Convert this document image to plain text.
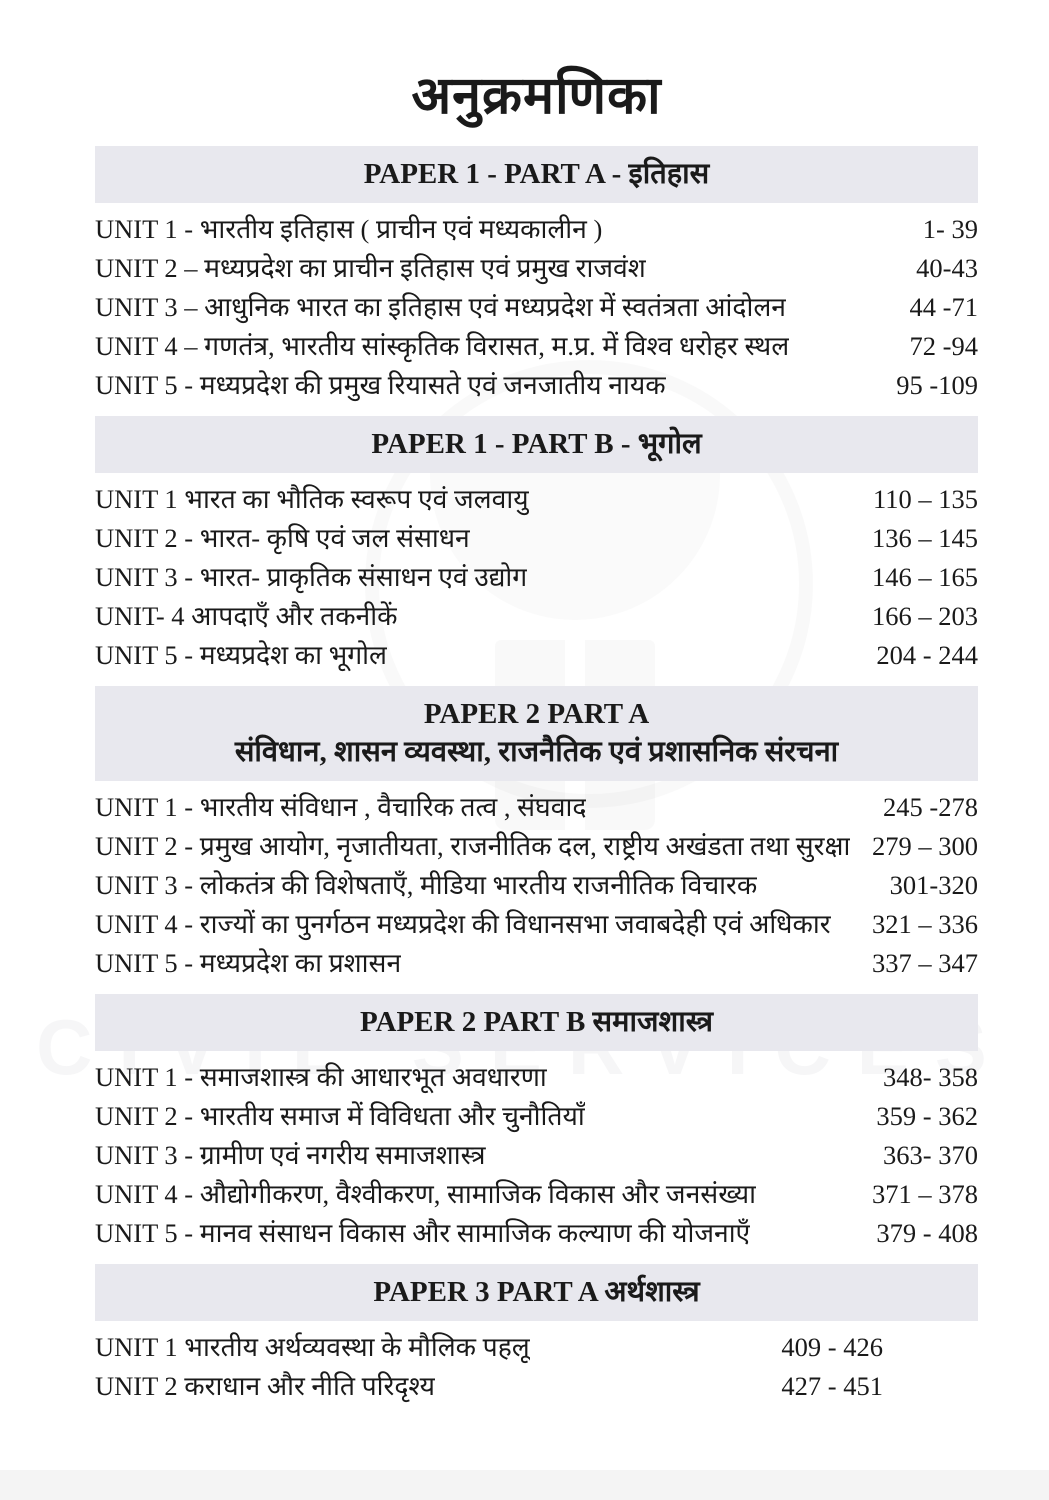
अनुक्रमणिका
PAPER 1 - PART A - इतिहास
UNIT 1 - भारतीय इतिहास ( प्राचीन एवं मध्यकालीन )	1- 39
UNIT 2 – मध्यप्रदेश का प्राचीन इतिहास एवं प्रमुख राजवंश	40-43
UNIT 3 – आधुनिक भारत का इतिहास एवं मध्यप्रदेश में स्वतंत्रता आंदोलन	44 -71
UNIT 4 – गणतंत्र, भारतीय सांस्कृतिक विरासत, म.प्र. में विश्व धरोहर स्थल	72 -94
UNIT 5 - मध्यप्रदेश की प्रमुख रियासते एवं जनजातीय नायक	95 -109
PAPER 1 - PART B - भूगोल
UNIT 1 भारत का भौतिक स्वरूप एवं जलवायु	110 – 135
UNIT 2 - भारत- कृषि एवं जल संसाधन	136 – 145
UNIT 3 - भारत- प्राकृतिक संसाधन एवं उद्योग	146 – 165
UNIT- 4 आपदाएँ और तकनीकें	166 – 203
UNIT 5 - मध्यप्रदेश का भूगोल	204 - 244
PAPER 2 PART A
संविधान, शासन व्यवस्था, राजनैतिक एवं प्रशासनिक संरचना
UNIT 1 - भारतीय संविधान , वैचारिक तत्व , संघवाद	245 -278
UNIT 2 - प्रमुख आयोग, नृजातीयता, राजनीतिक दल, राष्ट्रीय अखंडता तथा सुरक्षा 279 – 300
UNIT 3 - लोकतंत्र की विशेषताएँ, मीडिया भारतीय राजनीतिक विचारक	301-320
UNIT 4 - राज्यों का पुनर्गठन मध्यप्रदेश की विधानसभा जवाबदेही एवं अधिकार	321 – 336
UNIT 5 - मध्यप्रदेश का प्रशासन	337 – 347
PAPER 2 PART B समाजशास्त्र
UNIT 1 - समाजशास्त्र की आधारभूत अवधारणा	348- 358
UNIT 2 - भारतीय समाज में विविधता और चुनौतियाँ	359 - 362
UNIT 3 - ग्रामीण एवं नगरीय समाजशास्त्र	363- 370
UNIT 4 - औद्योगीकरण, वैश्वीकरण, सामाजिक विकास और जनसंख्या	371 – 378
UNIT 5 - मानव संसाधन विकास और सामाजिक कल्याण की योजनाएँ	379 - 408
PAPER 3 PART A अर्थशास्त्र
UNIT 1 भारतीय अर्थव्यवस्था के मौलिक पहलू	409 - 426
UNIT 2 कराधान और नीति परिदृश्य	427 - 451
